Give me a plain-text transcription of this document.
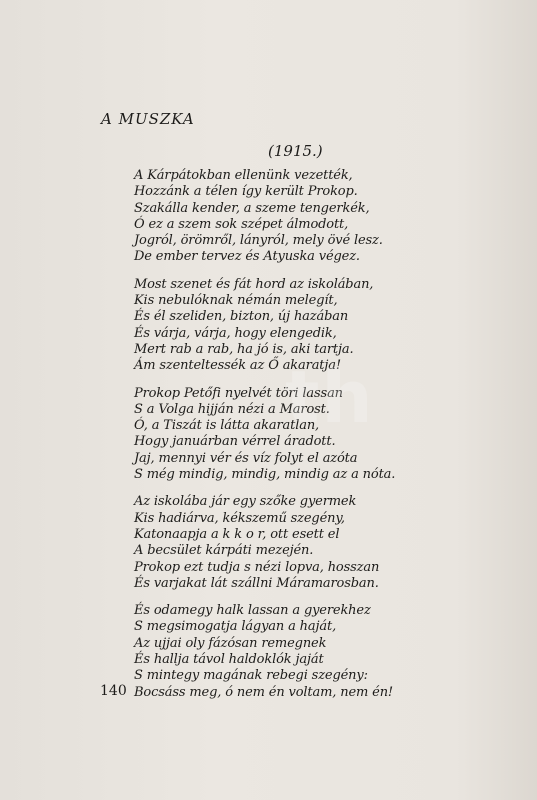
A MUSZKA
(1915.)
A Kárpátokban ellenünk vezették,
Hozzánk a télen így került Prokop.
Szakálla kender, a szeme tengerkék,
Ó ez a szem sok szépet álmodott,
Jogról, örömről, lányról, mely övé lesz.
De ember tervez és Atyuska végez.
Most szenet és fát hord az iskolában,
Kis nebulóknak némán melegít,
És él szeliden, bizton, új hazában
És várja, várja, hogy elengedik,
Mert rab a rab, ha jó is, aki tartja.
Ám szenteltessék az Ő akaratja!
Prokop Petőfi nyelvét töri lassan
S a Volga hijján nézi a Marost.
Ó, a Tiszát is látta akaratlan,
Hogy januárban vérrel áradott.
Jaj, mennyi vér és víz folyt el azóta
S még mindig, mindig, mindig az a nóta.
Az iskolába jár egy szőke gyermek
Kis hadiárva, kékszemű szegény,
Katonaapja a k k o r, ott esett el
A becsület kárpáti mezején.
Prokop ezt tudja s nézi lopva, hosszan
És varjakat lát szállni Máramarosban.
És odamegy halk lassan a gyerekhez
S megsimogatja lágyan a haját,
Az ujjai oly fázósan remegnek
És hallja távol haldoklók jaját
S mintegy magának rebegi szegény:
Bocsáss meg, ó nem én voltam, nem én!
th
140
